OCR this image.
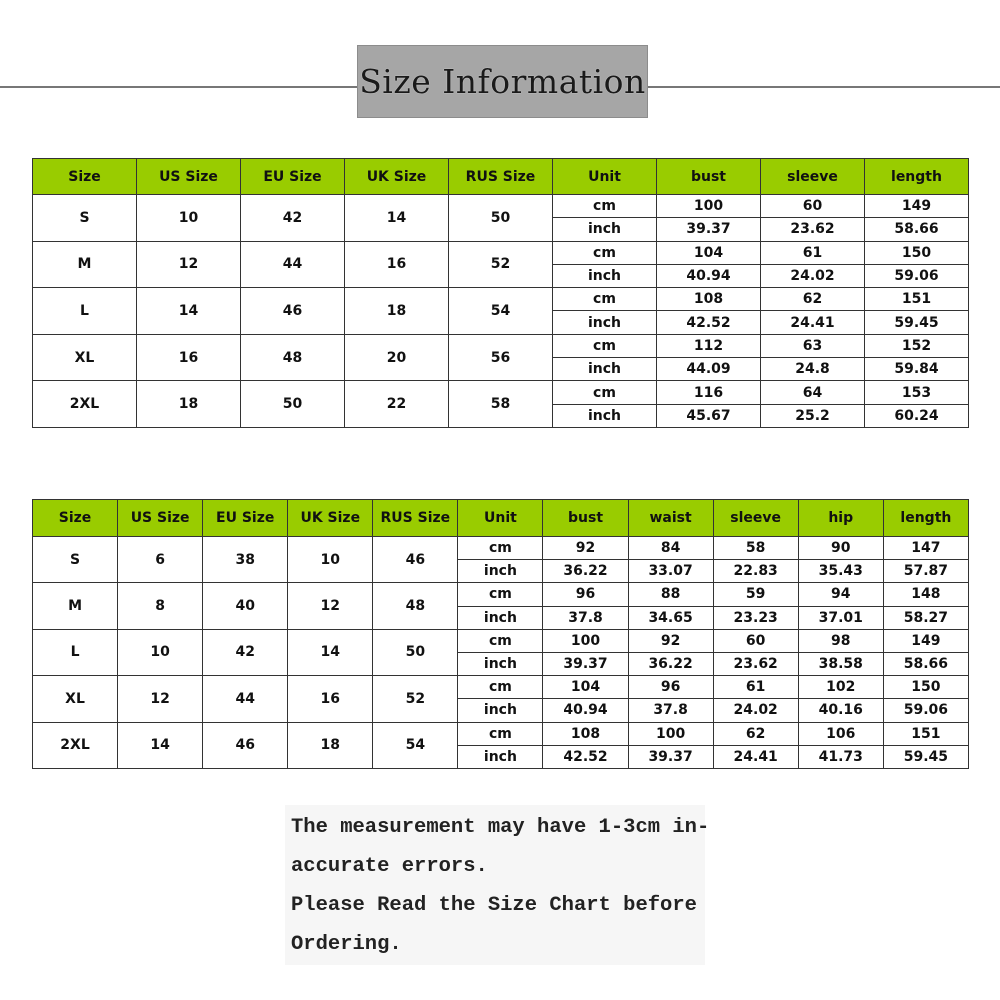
Size Information
Size	US Size	EU Size	UK Size	RUS Size	Unit	bust	sleeve	length
S	10	42	14	50	cm	100	60	149
					inch	39.37	23.62	58.66
M	12	44	16	52	cm	104	61	150
					inch	40.94	24.02	59.06
L	14	46	18	54	cm	108	62	151
					inch	42.52	24.41	59.45
XL	16	48	20	56	cm	112	63	152
					inch	44.09	24.8	59.84
2XL	18	50	22	58	cm	116	64	153
					inch	45.67	25.2	60.24
Size	US Size	EU Size	UK Size	RUS Size	Unit	bust	waist	sleeve	hip	length
S	6	38	10	46	cm	92	84	58	90	147
					inch	36.22	33.07	22.83	35.43	57.87
M	8	40	12	48	cm	96	88	59	94	148
					inch	37.8	34.65	23.23	37.01	58.27
L	10	42	14	50	cm	100	92	60	98	149
					inch	39.37	36.22	23.62	38.58	58.66
XL	12	44	16	52	cm	104	96	61	102	150
					inch	40.94	37.8	24.02	40.16	59.06
2XL	14	46	18	54	cm	108	100	62	106	151
					inch	42.52	39.37	24.41	41.73	59.45
The measurement may have 1-3cm in-
accurate errors.
Please Read the Size Chart before
Ordering.
